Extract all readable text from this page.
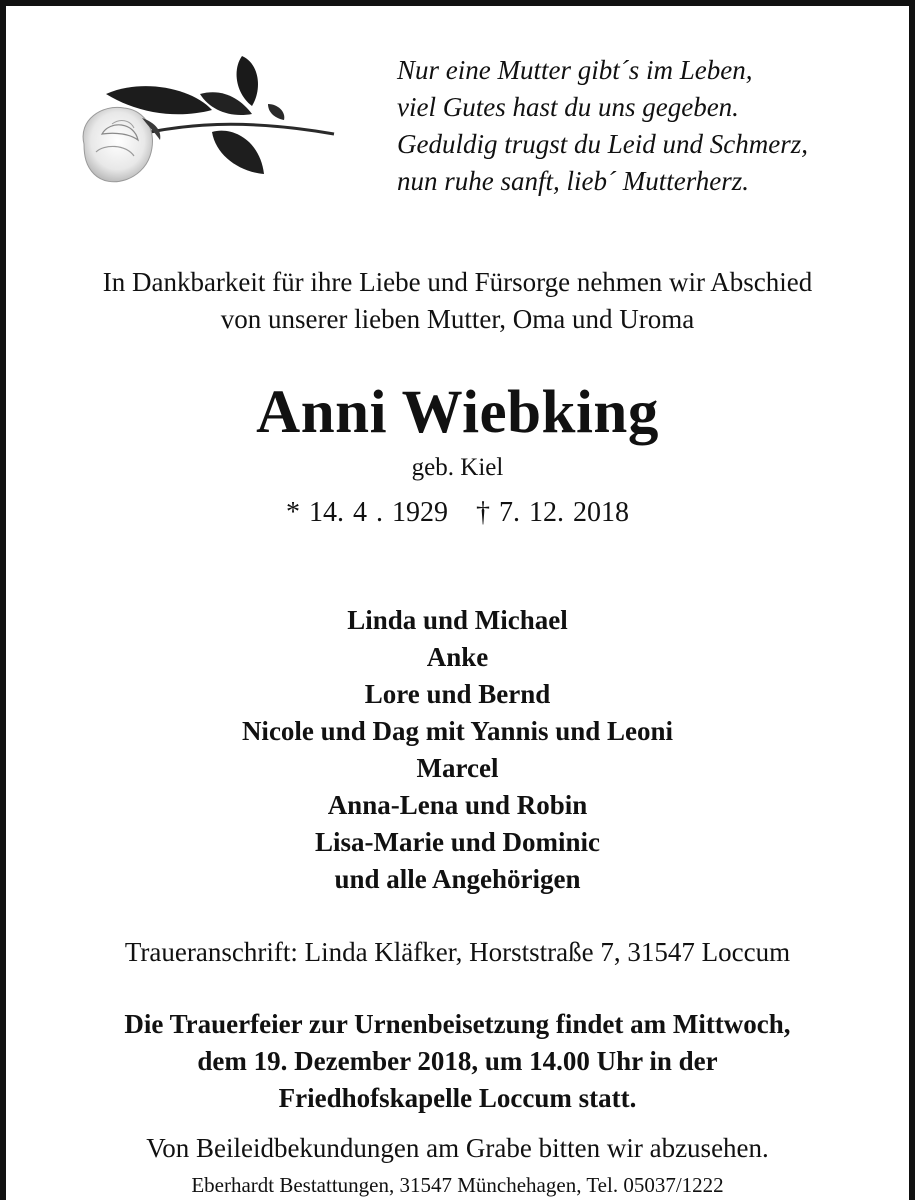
Nur eine Mutter gibt´s im Leben,
viel Gutes hast du uns gegeben.
Geduldig trugst du Leid und Schmerz,
nun ruhe sanft, lieb´ Mutterherz.
In Dankbarkeit für ihre Liebe und Fürsorge nehmen wir Abschied
von unserer lieben Mutter, Oma und Uroma
Anni Wiebking
geb. Kiel
* 14. 4 . 1929 † 7. 12. 2018
Linda und Michael
Anke
Lore und Bernd
Nicole und Dag mit Yannis und Leoni
Marcel
Anna-Lena und Robin
Lisa-Marie und Dominic
und alle Angehörigen
Traueranschrift: Linda Kläfker, Horststraße 7, 31547 Loccum
Die Trauerfeier zur Urnenbeisetzung findet am Mittwoch,
dem 19. Dezember 2018, um 14.00 Uhr in der
Friedhofskapelle Loccum statt.
Von Beileidbekundungen am Grabe bitten wir abzusehen.
Eberhardt Bestattungen, 31547 Münchehagen, Tel. 05037/1222
